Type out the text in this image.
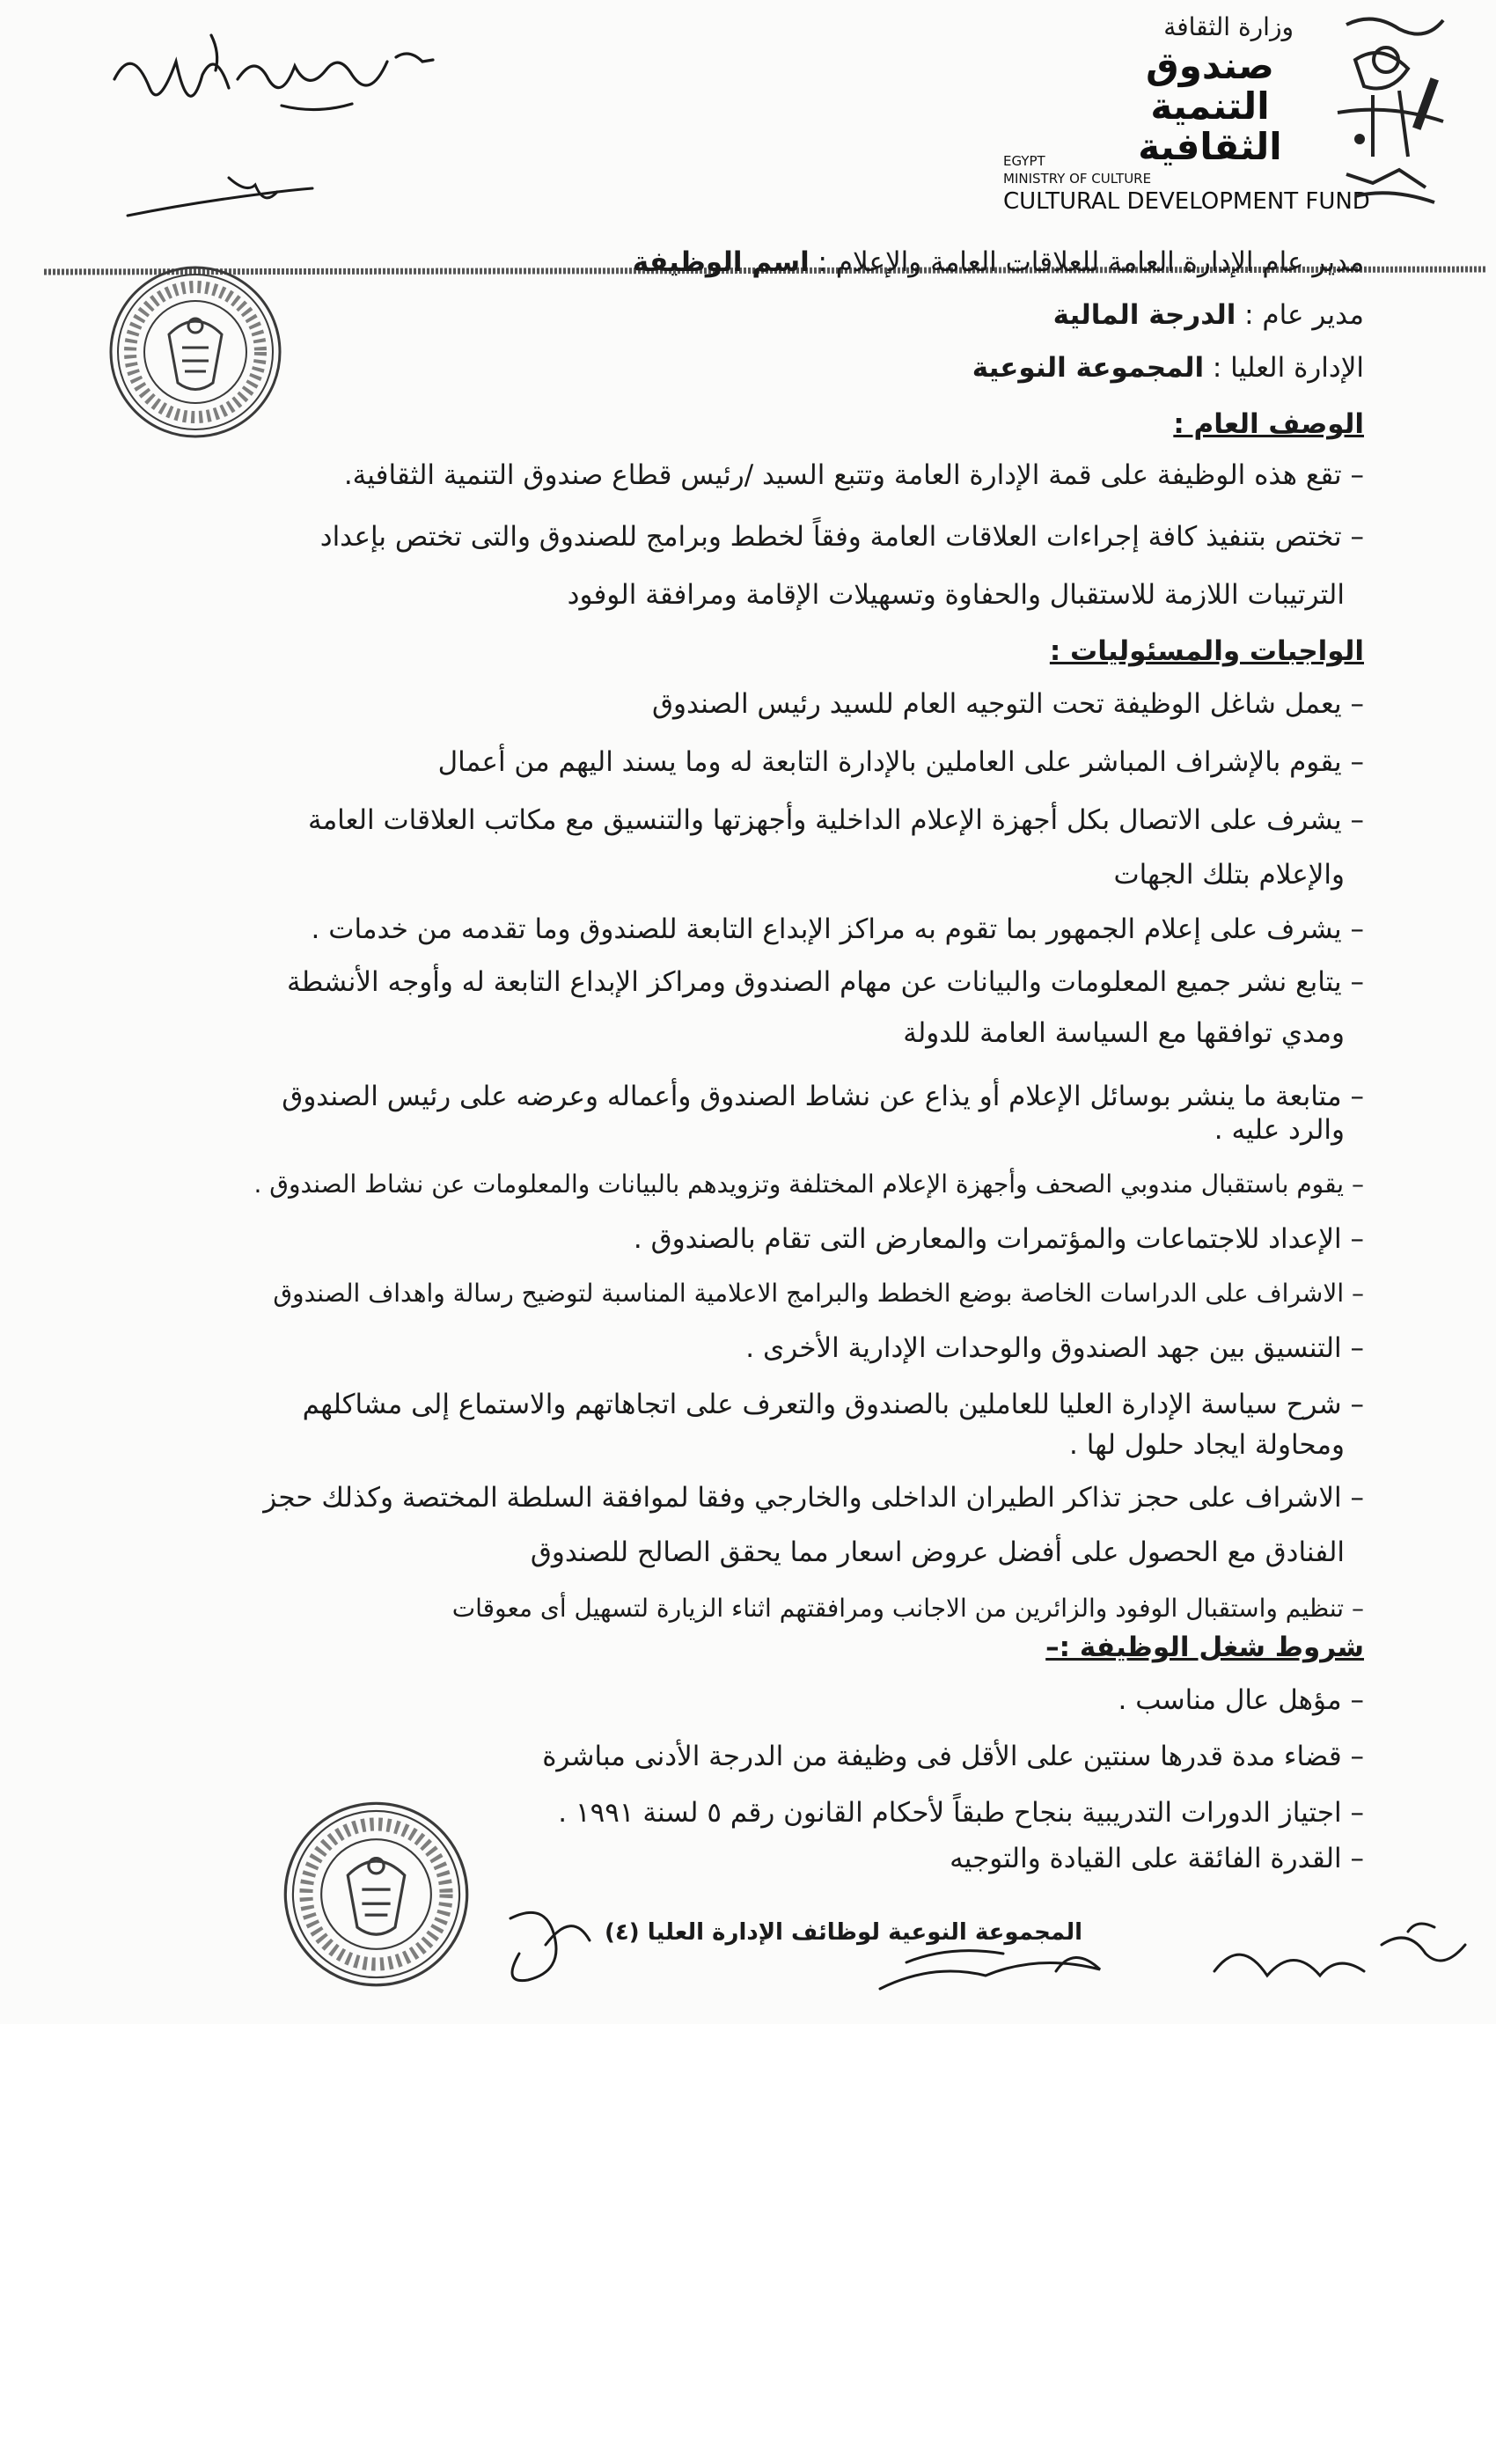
وزارة الثقافة
صندوق
التنمية
الثقافية
EGYPT
MINISTRY OF CULTURE
CULTURAL DEVELOPMENT FUND
اسم الوظيفة : مدير عام الإدارة العامة للعلاقات العامة والإعلام
الدرجة المالية : مدير عام
المجموعة النوعية : الإدارة العليا
الوصف العام :
– تقع هذه الوظيفة على قمة الإدارة العامة وتتبع السيد /رئيس قطاع صندوق التنمية الثقافية.
– تختص بتنفيذ كافة إجراءات العلاقات العامة وفقاً لخطط وبرامج للصندوق والتى تختص بإعداد
الترتيبات اللازمة للاستقبال والحفاوة وتسهيلات الإقامة ومرافقة الوفود
الواجبات والمسئوليات :
– يعمل شاغل الوظيفة تحت التوجيه العام للسيد رئيس الصندوق
– يقوم بالإشراف المباشر على العاملين بالإدارة التابعة له وما يسند اليهم من أعمال
– يشرف على الاتصال بكل أجهزة الإعلام الداخلية وأجهزتها والتنسيق مع مكاتب العلاقات العامة
والإعلام بتلك الجهات
– يشرف على إعلام الجمهور بما تقوم به مراكز الإبداع التابعة للصندوق وما تقدمه من خدمات .
– يتابع نشر جميع المعلومات والبيانات عن مهام الصندوق ومراكز الإبداع التابعة له وأوجه الأنشطة
ومدي توافقها مع السياسة العامة للدولة
– متابعة ما ينشر بوسائل الإعلام أو يذاع عن نشاط الصندوق وأعماله وعرضه على رئيس الصندوق
والرد عليه .
– يقوم باستقبال مندوبي الصحف وأجهزة الإعلام المختلفة وتزويدهم بالبيانات والمعلومات عن نشاط الصندوق .
– الإعداد للاجتماعات والمؤتمرات والمعارض التى تقام بالصندوق .
– الاشراف على الدراسات الخاصة بوضع الخطط والبرامج الاعلامية المناسبة لتوضيح رسالة واهداف الصندوق
– التنسيق بين جهد الصندوق والوحدات الإدارية الأخرى .
– شرح سياسة الإدارة العليا للعاملين بالصندوق والتعرف على اتجاهاتهم والاستماع إلى مشاكلهم
ومحاولة ايجاد حلول لها .
– الاشراف على حجز تذاكر الطيران الداخلى والخارجي وفقا لموافقة السلطة المختصة وكذلك حجز
الفنادق مع الحصول على أفضل عروض اسعار مما يحقق الصالح للصندوق
– تنظيم واستقبال الوفود والزائرين من الاجانب ومرافقتهم اثناء الزيارة لتسهيل أى معوقات
شروط شغل الوظيفة :–
– مؤهل عال مناسب .
– قضاء مدة قدرها سنتين على الأقل فى وظيفة من الدرجة الأدنى مباشرة
– اجتياز الدورات التدريبية بنجاح طبقاً لأحكام القانون رقم ٥ لسنة ١٩٩١ .
– القدرة الفائقة على القيادة والتوجيه
المجموعة النوعية لوظائف الإدارة العليا (٤)
